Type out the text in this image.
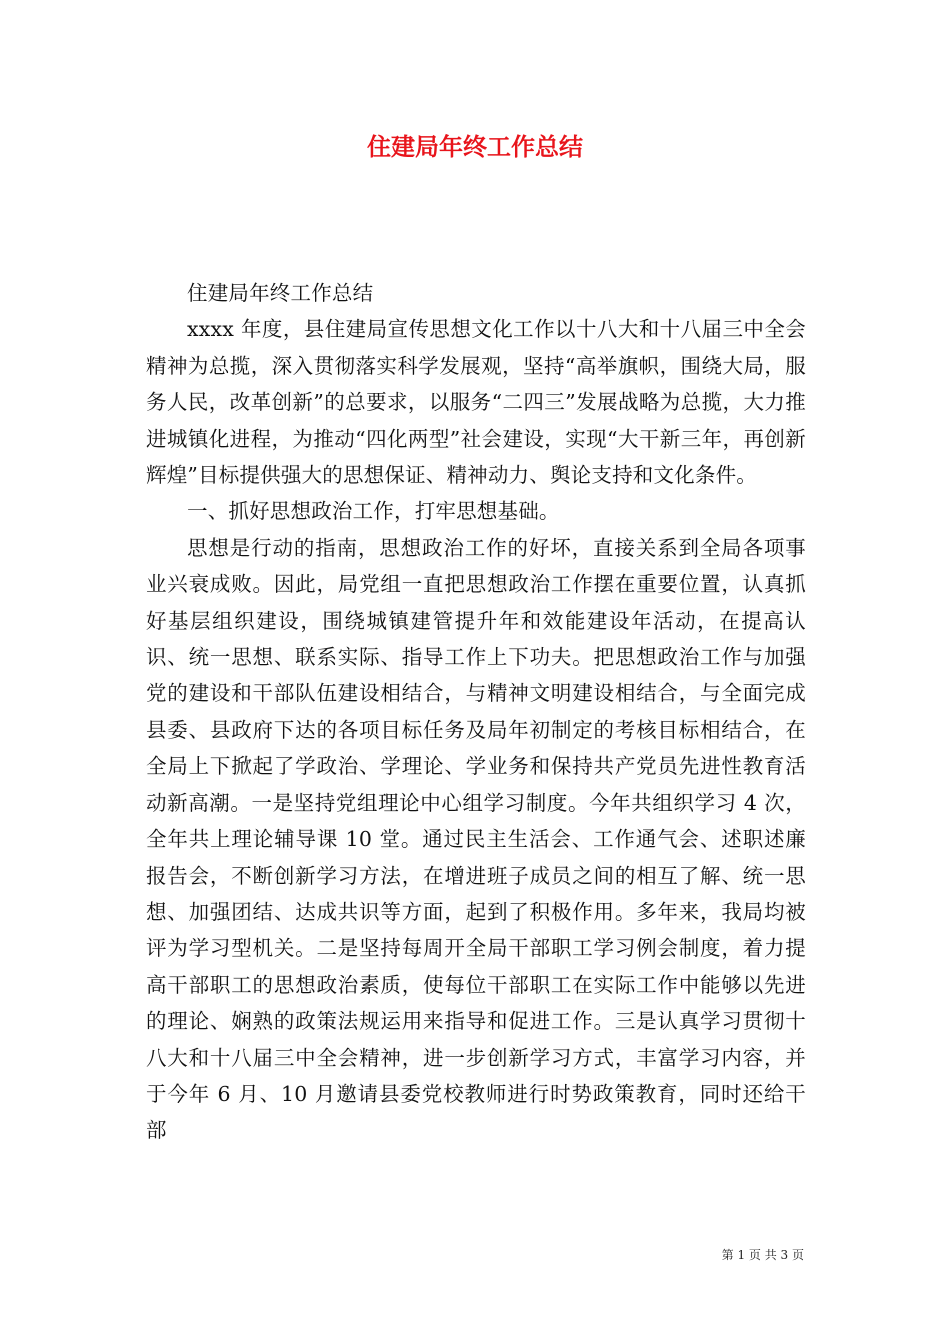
住建局年终工作总结

住建局年终工作总结

xxxx 年度，县住建局宣传思想文化工作以十八大和十八届三中全会精神为总揽，深入贯彻落实科学发展观，坚持“高举旗帜，围绕大局，服务人民，改革创新”的总要求，以服务“二四三”发展战略为总揽，大力推进城镇化进程，为推动“四化两型”社会建设，实现“大干新三年，再创新辉煌”目标提供强大的思想保证、精神动力、舆论支持和文化条件。

一、抓好思想政治工作，打牢思想基础。

思想是行动的指南，思想政治工作的好坏，直接关系到全局各项事业兴衰成败。因此，局党组一直把思想政治工作摆在重要位置，认真抓好基层组织建设，围绕城镇建管提升年和效能建设年活动，在提高认识、统一思想、联系实际、指导工作上下功夫。把思想政治工作与加强党的建设和干部队伍建设相结合，与精神文明建设相结合，与全面完成县委、县政府下达的各项目标任务及局年初制定的考核目标相结合，在全局上下掀起了学政治、学理论、学业务和保持共产党员先进性教育活动新高潮。一是坚持党组理论中心组学习制度。今年共组织学习 4 次，全年共上理论辅导课 10 堂。通过民主生活会、工作通气会、述职述廉报告会，不断创新学习方法，在增进班子成员之间的相互了解、统一思想、加强团结、达成共识等方面，起到了积极作用。多年来，我局均被评为学习型机关。二是坚持每周开全局干部职工学习例会制度，着力提高干部职工的思想政治素质，使每位干部职工在实际工作中能够以先进的理论、娴熟的政策法规运用来指导和促进工作。三是认真学习贯彻十八大和十八届三中全会精神，进一步创新学习方式，丰富学习内容，并于今年 6 月、10 月邀请县委党校教师进行时势政策教育，同时还给干部

第 1 页 共 3 页
